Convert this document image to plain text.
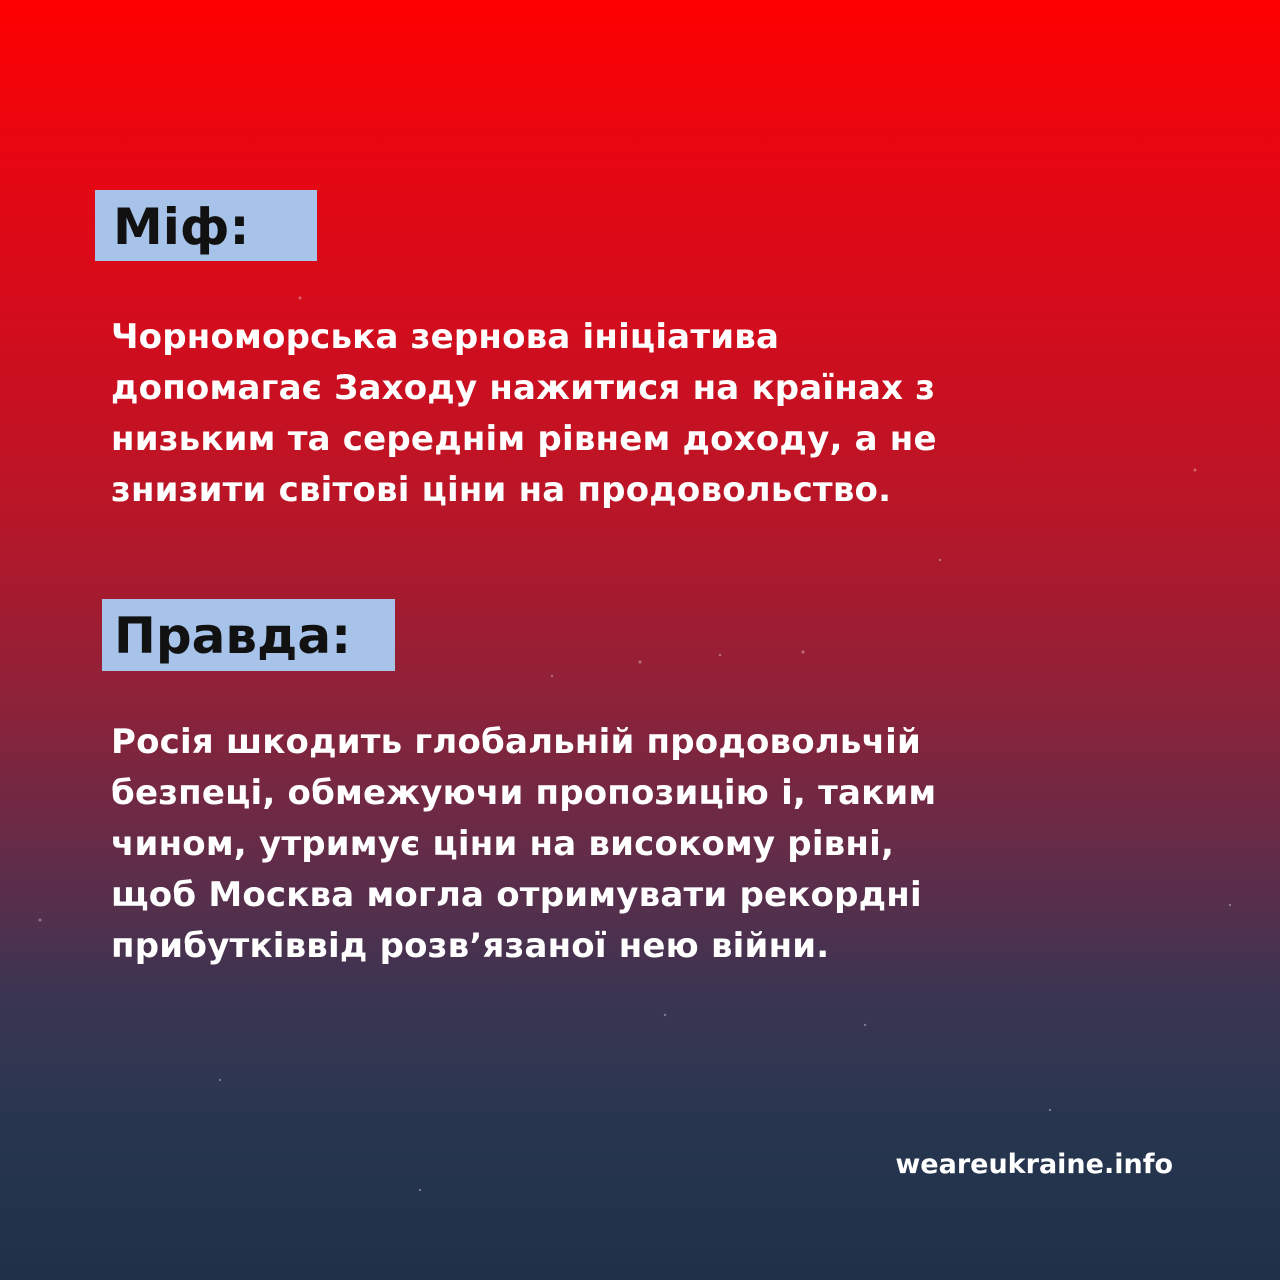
Міф:
Чорноморська зернова ініціатива
допомагає Заходу нажитися на країнах з
низьким та середнім рівнем доходу, а не
знизити світові ціни на продовольство.
Правда:
Росія шкодить глобальній продовольчій
безпеці, обмежуючи пропозицію і, таким
чином, утримує ціни на високому рівні,
щоб Москва могла отримувати рекордні
прибутківвід розв’язаної нею війни.
weareukraine.info
